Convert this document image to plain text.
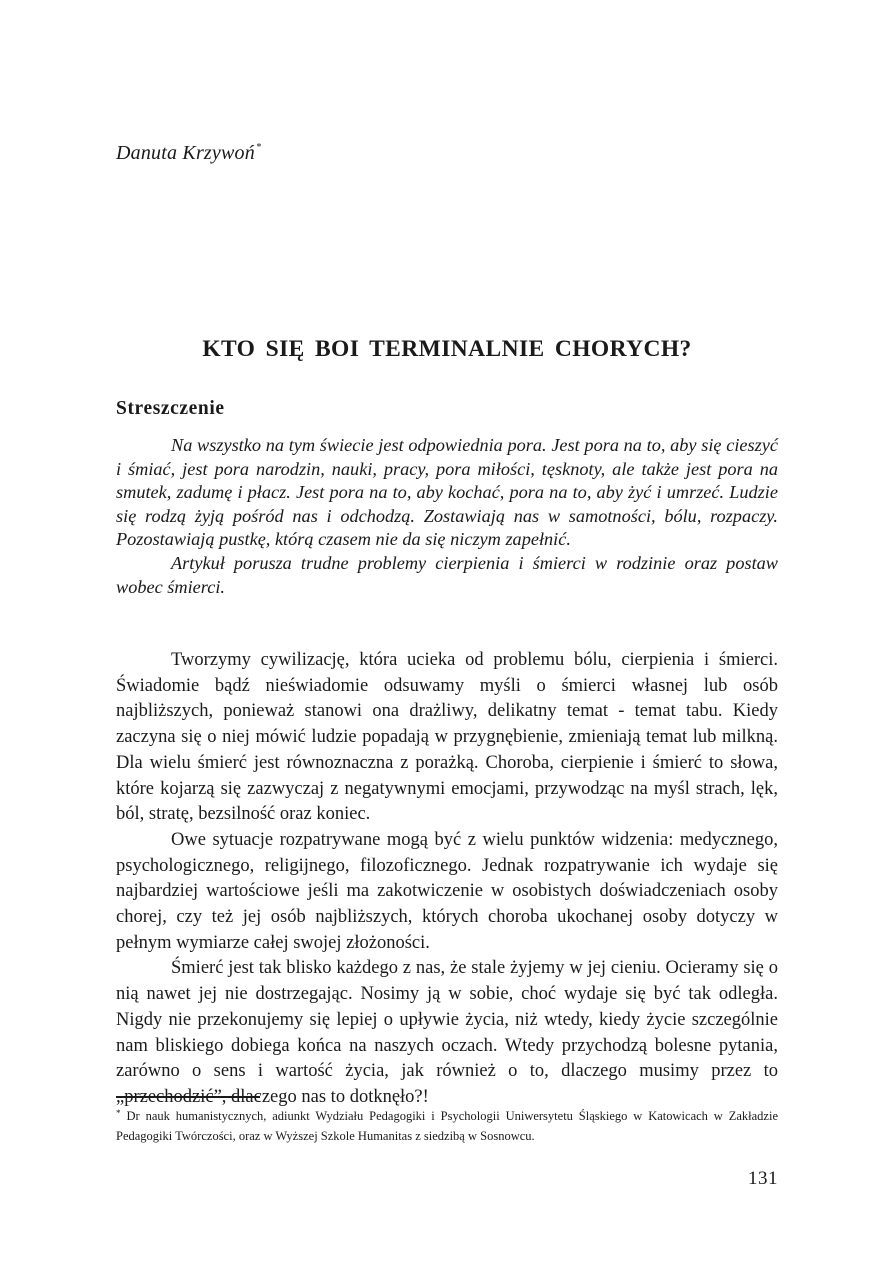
Danuta Krzywoń*
KTO SIĘ BOI TERMINALNIE CHORYCH?
Streszczenie

Na wszystko na tym świecie jest odpowiednia pora. Jest pora na to, aby się cieszyć i śmiać, jest pora narodzin, nauki, pracy, pora miłości, tęsknoty, ale także jest pora na smutek, zadumę i płacz. Jest pora na to, aby kochać, pora na to, aby żyć i umrzeć. Ludzie się rodzą żyją pośród nas i odchodzą. Zostawiają nas w samotności, bólu, rozpaczy. Pozostawiają pustkę, którą czasem nie da się niczym zapełnić.

Artykuł porusza trudne problemy cierpienia i śmierci w rodzinie oraz postaw wobec śmierci.

Tworzymy cywilizację, która ucieka od problemu bólu, cierpienia i śmierci. Świadomie bądź nieświadomie odsuwamy myśli o śmierci własnej lub osób najbliższych, ponieważ stanowi ona drażliwy, delikatny temat - temat tabu. Kiedy zaczyna się o niej mówić ludzie popadają w przygnębienie, zmieniają temat lub milkną. Dla wielu śmierć jest równoznaczna z porażką. Choroba, cierpienie i śmierć to słowa, które kojarzą się zazwyczaj z negatywnymi emocjami, przywodząc na myśl strach, lęk, ból, stratę, bezsilność oraz koniec.

Owe sytuacje rozpatrywane mogą być z wielu punktów widzenia: medycznego, psychologicznego, religijnego, filozoficznego. Jednak rozpatrywanie ich wydaje się najbardziej wartościowe jeśli ma zakotwiczenie w osobistych doświadczeniach osoby chorej, czy też jej osób najbliższych, których choroba ukochanej osoby dotyczy w pełnym wymiarze całej swojej złożoności.

Śmierć jest tak blisko każdego z nas, że stale żyjemy w jej cieniu. Ocieramy się o nią nawet jej nie dostrzegając. Nosimy ją w sobie, choć wydaje się być tak odległa. Nigdy nie przekonujemy się lepiej o upływie życia, niż wtedy, kiedy życie szczególnie nam bliskiego dobiega końca na naszych oczach. Wtedy przychodzą bolesne pytania, zarówno o sens i wartość życia, jak również o to, dlaczego musimy przez to „przechodzić”, dlaczego nas to dotknęło?!

* Dr nauk humanistycznych, adiunkt Wydziału Pedagogiki i Psychologii Uniwersytetu Śląskiego w Katowicach w Zakładzie Pedagogiki Twórczości, oraz w Wyższej Szkole Humanitas z siedzibą w Sosnowcu.
131
